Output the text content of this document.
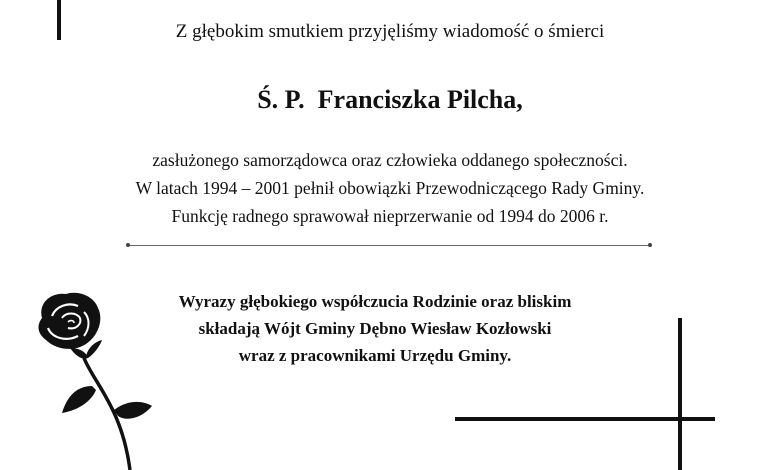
Z głębokim smutkiem przyjęliśmy wiadomość o śmierci
Ś. P.  Franciszka Pilcha,
zasłużonego samorządowca oraz człowieka oddanego społeczności.
W latach 1994 – 2001 pełnił obowiązki Przewodniczącego Rady Gminy.
Funkcję radnego sprawował nieprzerwanie od 1994 do 2006 r.
Wyrazy głębokiego współczucia Rodzinie oraz bliskim
składają Wójt Gminy Dębno Wiesław Kozłowski
wraz z pracownikami Urzędu Gminy.
